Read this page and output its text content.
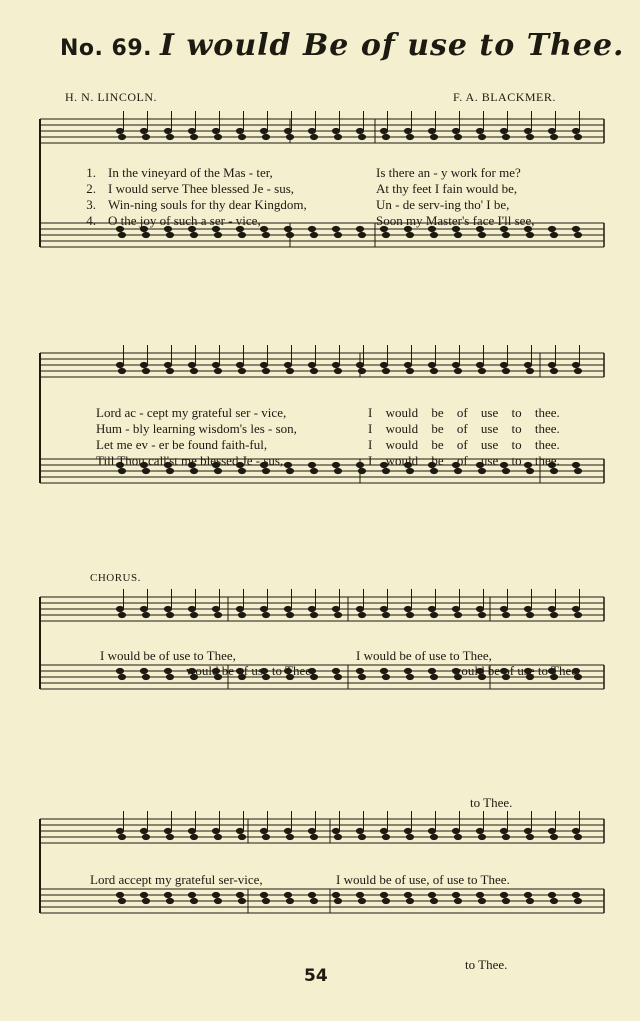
No. 69. I would Be of use to Thee.
H. N. LINCOLN.	F. A. BLACKMER.
1. In the vineyard of the Mas - ter,
2. I would serve Thee blessed Je - sus,
3. Win-ning souls for thy dear Kingdom,
4. O the joy of such a ser - vice,
Is there an - y work for me?
At thy feet I fain would be,
Un - de serv-ing tho' I be,
Soon my Master's face I'll see,
Lord ac - cept my grateful ser - vice,
Hum - bly learning wisdom's les - son,
Let me ev - er be found faith-ful,
Till Thou call'st me blessed Je - sus,
I would be of use to thee.
I would be of use to thee.
I would be of use to thee.
I would be of use to thee.
CHORUS.
I would be of use to Thee,
would be of use to Thee,
I would be of use to Thee,
would be of use to Thee,
to Thee.
Lord accept my grateful ser-vice,	I would be of use, of use to Thee.
to Thee.
54
